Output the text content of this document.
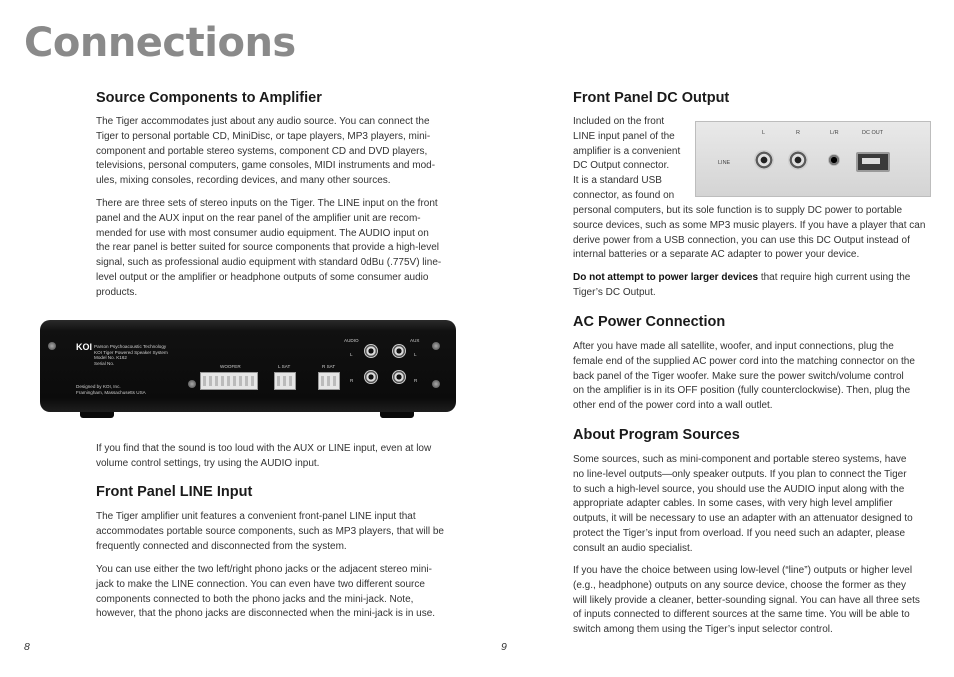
Connections
Source Components to Amplifier

The Tiger accommodates just about any audio source. You can connect the
Tiger to personal portable CD, MiniDisc, or tape players, MP3 players, mini-
component and portable stereo systems, component CD and DVD players,
televisions, personal computers, game consoles, MIDI instruments and mod-
ules, mixing consoles, recording devices, and many other sources.

There are three sets of stereo inputs on the Tiger. The LINE input on the front
panel and the AUX input on the rear panel of the amplifier unit are recom-
mended for use with most consumer audio equipment. The AUDIO input on
the rear panel is better suited for source components that provide a high-level
signal, such as professional audio equipment with standard 0dBu (.775V) line-
level output or the amplifier or headphone outputs of some consumer audio
products.

KOI Parson Psychoacoustic Technology
KOI Tiger Powered Speaker System
Model No. K162
Serial No.
Designed by KOI, Inc.
Framingham, Massachusetts USA
WOOFER	L SAT	R SAT
AUDIO	AUX
L
R
L
R

If you find that the sound is too loud with the AUX or LINE input, even at low
volume control settings, try using the AUDIO input.

Front Panel LINE Input

The Tiger amplifier unit features a convenient front-panel LINE input that
accommodates portable source components, such as MP3 players, that will be
frequently connected and disconnected from the system.

You can use either the two left/right phono jacks or the adjacent stereo mini-
jack to make the LINE connection. You can even have two different source
components connected to both the phono jacks and the mini-jack. Note,
however, that the phono jacks are disconnected when the mini-jack is in use.

8
Front Panel DC Output

Included on the front
LINE input panel of the
amplifier is a convenient
DC Output connector.
It is a standard USB
connector, as found on

LINE
L	R	L/R	DC OUT

personal computers, but its sole function is to supply DC power to portable
source devices, such as some MP3 music players. If you have a player that can
derive power from a USB connection, you can use this DC Output instead of
internal batteries or a separate AC adapter to power your device.

Do not attempt to power larger devices that require high current using the
Tiger’s DC Output.

AC Power Connection

After you have made all satellite, woofer, and input connections, plug the
female end of the supplied AC power cord into the matching connector on the
back panel of the Tiger woofer. Make sure the power switch/volume control
on the amplifier is in its OFF position (fully counterclockwise). Then, plug the
other end of the power cord into a wall outlet.

About Program Sources

Some sources, such as mini-component and portable stereo systems, have
no line-level outputs—only speaker outputs. If you plan to connect the Tiger
to such a high-level source, you should use the AUDIO input along with the
appropriate adapter cables. In some cases, with very high level amplifier
outputs, it will be necessary to use an adapter with an attenuator designed to
protect the Tiger’s input from overload. If you need such an adapter, please
consult an audio specialist.

If you have the choice between using low-level (“line”) outputs or higher level
(e.g., headphone) outputs on any source device, choose the former as they
will likely provide a cleaner, better-sounding signal. You can have all three sets
of inputs connected to different sources at the same time. You will be able to
switch among them using the Tiger’s input selector control.

9
